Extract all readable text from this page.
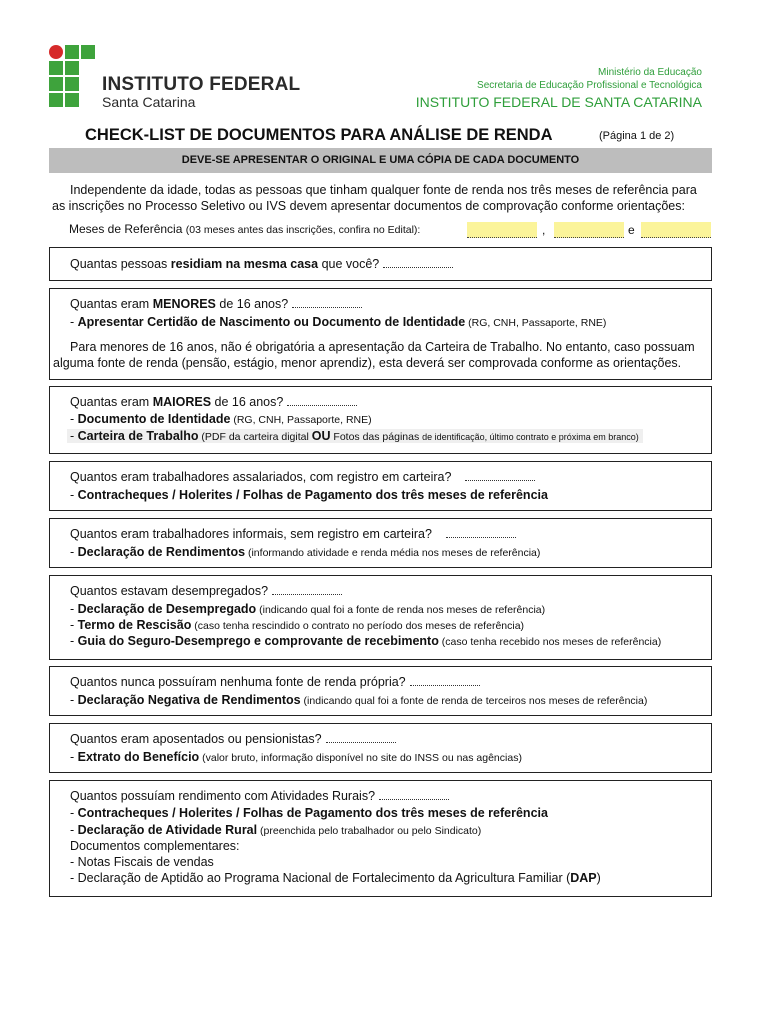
INSTITUTO FEDERAL
Santa Catarina
Ministério da Educação
Secretaria de Educação Profissional e Tecnológica
INSTITUTO FEDERAL DE SANTA CATARINA
CHECK-LIST DE DOCUMENTOS PARA ANÁLISE DE RENDA	(Página 1 de 2)
DEVE-SE APRESENTAR O ORIGINAL E UMA CÓPIA DE CADA DOCUMENTO
Independente da idade, todas as pessoas que tinham qualquer fonte de renda nos três meses de referência para as inscrições no Processo Seletivo ou IVS devem apresentar documentos de comprovação conforme orientações:
Meses de Referência (03 meses antes das inscrições, confira no Edital):	,	e
Quantas pessoas residiam na mesma casa que você?
Quantas eram MENORES de 16 anos?
- Apresentar Certidão de Nascimento ou Documento de Identidade (RG, CNH, Passaporte, RNE)
Para menores de 16 anos, não é obrigatória a apresentação da Carteira de Trabalho. No entanto, caso possuam alguma fonte de renda (pensão, estágio, menor aprendiz), esta deverá ser comprovada conforme as orientações.
Quantas eram MAIORES de 16 anos?
- Documento de Identidade (RG, CNH, Passaporte, RNE)
- Carteira de Trabalho (PDF da carteira digital OU Fotos das páginas de identificação, último contrato e próxima em branco)
Quantos eram trabalhadores assalariados, com registro em carteira?
- Contracheques / Holerites / Folhas de Pagamento dos três meses de referência
Quantos eram trabalhadores informais, sem registro em carteira?
- Declaração de Rendimentos (informando atividade e renda média nos meses de referência)
Quantos estavam desempregados?
- Declaração de Desempregado (indicando qual foi a fonte de renda nos meses de referência)
- Termo de Rescisão (caso tenha rescindido o contrato no período dos meses de referência)
- Guia do Seguro-Desemprego e comprovante de recebimento (caso tenha recebido nos meses de referência)
Quantos nunca possuíram nenhuma fonte de renda própria?
- Declaração Negativa de Rendimentos (indicando qual foi a fonte de renda de terceiros nos meses de referência)
Quantos eram aposentados ou pensionistas?
- Extrato do Benefício (valor bruto, informação disponível no site do INSS ou nas agências)
Quantos possuíam rendimento com Atividades Rurais?
- Contracheques / Holerites / Folhas de Pagamento dos três meses de referência
- Declaração de Atividade Rural (preenchida pelo trabalhador ou pelo Sindicato)
Documentos complementares:
- Notas Fiscais de vendas
- Declaração de Aptidão ao Programa Nacional de Fortalecimento da Agricultura Familiar (DAP)
